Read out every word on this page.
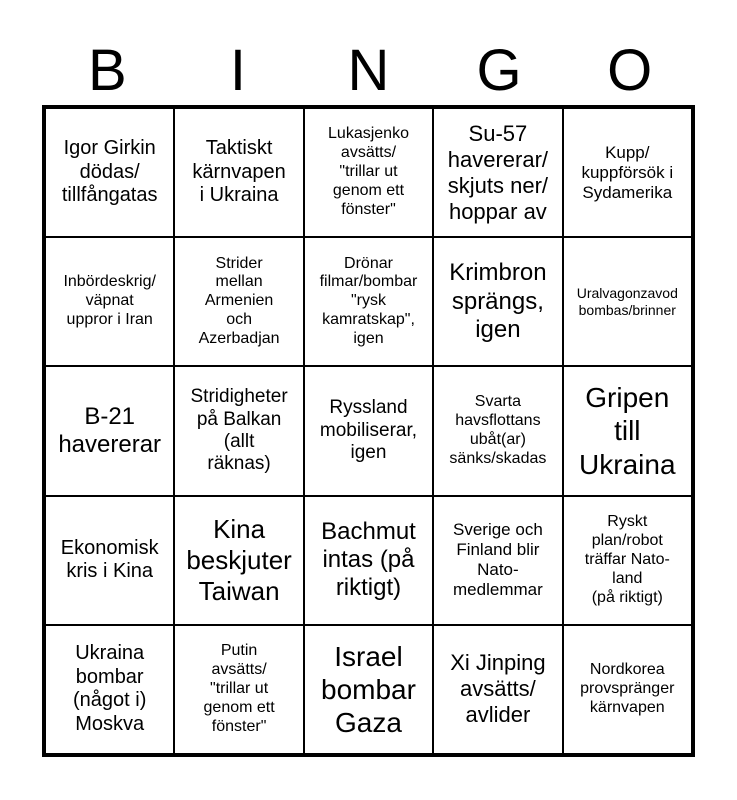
B	I	N	G	O
Igor Girkin
dödas/
tillfångatas
Taktiskt
kärnvapen
i Ukraina
Lukasjenko
avsätts/
"trillar ut
genom ett
fönster"
Su-57
havererar/
skjuts ner/
hoppar av
Kupp/
kuppförsök i
Sydamerika
Inbördeskrig/
väpnat
uppror i Iran
Strider
mellan
Armenien
och
Azerbadjan
Drönar
filmar/bombar
"rysk
kamratskap",
igen
Krimbron
sprängs,
igen
Uralvagonzavod
bombas/brinner
B-21
havererar
Stridigheter
på Balkan
(allt
räknas)
Ryssland
mobiliserar,
igen
Svarta
havsflottans
ubåt(ar)
sänks/skadas
Gripen
till
Ukraina
Ekonomisk
kris i Kina
Kina
beskjuter
Taiwan
Bachmut
intas (på
riktigt)
Sverige och
Finland blir
Nato-
medlemmar
Ryskt
plan/robot
träffar Nato-
land
(på riktigt)
Ukraina
bombar
(något i)
Moskva
Putin
avsätts/
"trillar ut
genom ett
fönster"
Israel
bombar
Gaza
Xi Jinping
avsätts/
avlider
Nordkorea
provspränger
kärnvapen
